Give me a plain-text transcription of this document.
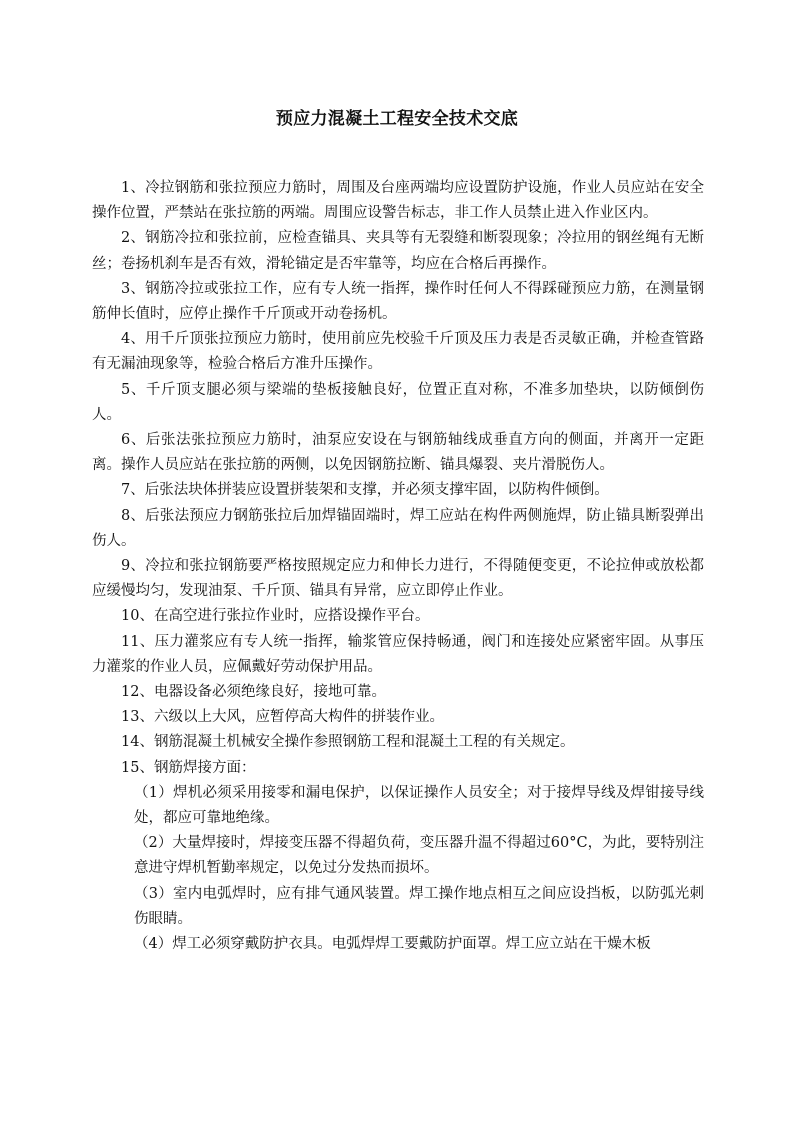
预应力混凝土工程安全技术交底

1、冷拉钢筋和张拉预应力筋时，周围及台座两端均应设置防护设施，作业人员应站在安全操作位置，严禁站在张拉筋的两端。周围应设警告标志，非工作人员禁止进入作业区内。

2、钢筋冷拉和张拉前，应检查锚具、夹具等有无裂缝和断裂现象；冷拉用的钢丝绳有无断丝；卷扬机刹车是否有效，滑轮锚定是否牢靠等，均应在合格后再操作。

3、钢筋冷拉或张拉工作，应有专人统一指挥，操作时任何人不得踩碰预应力筋，在测量钢筋伸长值时，应停止操作千斤顶或开动卷扬机。

4、用千斤顶张拉预应力筋时，使用前应先校验千斤顶及压力表是否灵敏正确，并检查管路有无漏油现象等，检验合格后方准升压操作。

5、千斤顶支腿必须与梁端的垫板接触良好，位置正直对称，不准多加垫块，以防倾倒伤人。

6、后张法张拉预应力筋时，油泵应安设在与钢筋轴线成垂直方向的侧面，并离开一定距离。操作人员应站在张拉筋的两侧，以免因钢筋拉断、锚具爆裂、夹片滑脱伤人。

7、后张法块体拼装应设置拼装架和支撑，并必须支撑牢固，以防构件倾倒。

8、后张法预应力钢筋张拉后加焊锚固端时，焊工应站在构件两侧施焊，防止锚具断裂弹出伤人。

9、冷拉和张拉钢筋要严格按照规定应力和伸长力进行，不得随便变更，不论拉伸或放松都应缓慢均匀，发现油泵、千斤顶、锚具有异常，应立即停止作业。

10、在高空进行张拉作业时，应搭设操作平台。

11、压力灌浆应有专人统一指挥，输浆管应保持畅通，阀门和连接处应紧密牢固。从事压力灌浆的作业人员，应佩戴好劳动保护用品。

12、电器设备必须绝缘良好，接地可靠。

13、六级以上大风，应暂停高大构件的拼装作业。

14、钢筋混凝土机械安全操作参照钢筋工程和混凝土工程的有关规定。

15、钢筋焊接方面：

（1）焊机必须采用接零和漏电保护，以保证操作人员安全；对于接焊导线及焊钳接导线处，都应可靠地绝缘。

（2）大量焊接时，焊接变压器不得超负荷，变压器升温不得超过60°C，为此，要特别注意进守焊机暂勤率规定，以免过分发热而损坏。

（3）室内电弧焊时，应有排气通风装置。焊工操作地点相互之间应设挡板，以防弧光刺伤眼睛。

（4）焊工必须穿戴防护衣具。电弧焊焊工要戴防护面罩。焊工应立站在干燥木板
